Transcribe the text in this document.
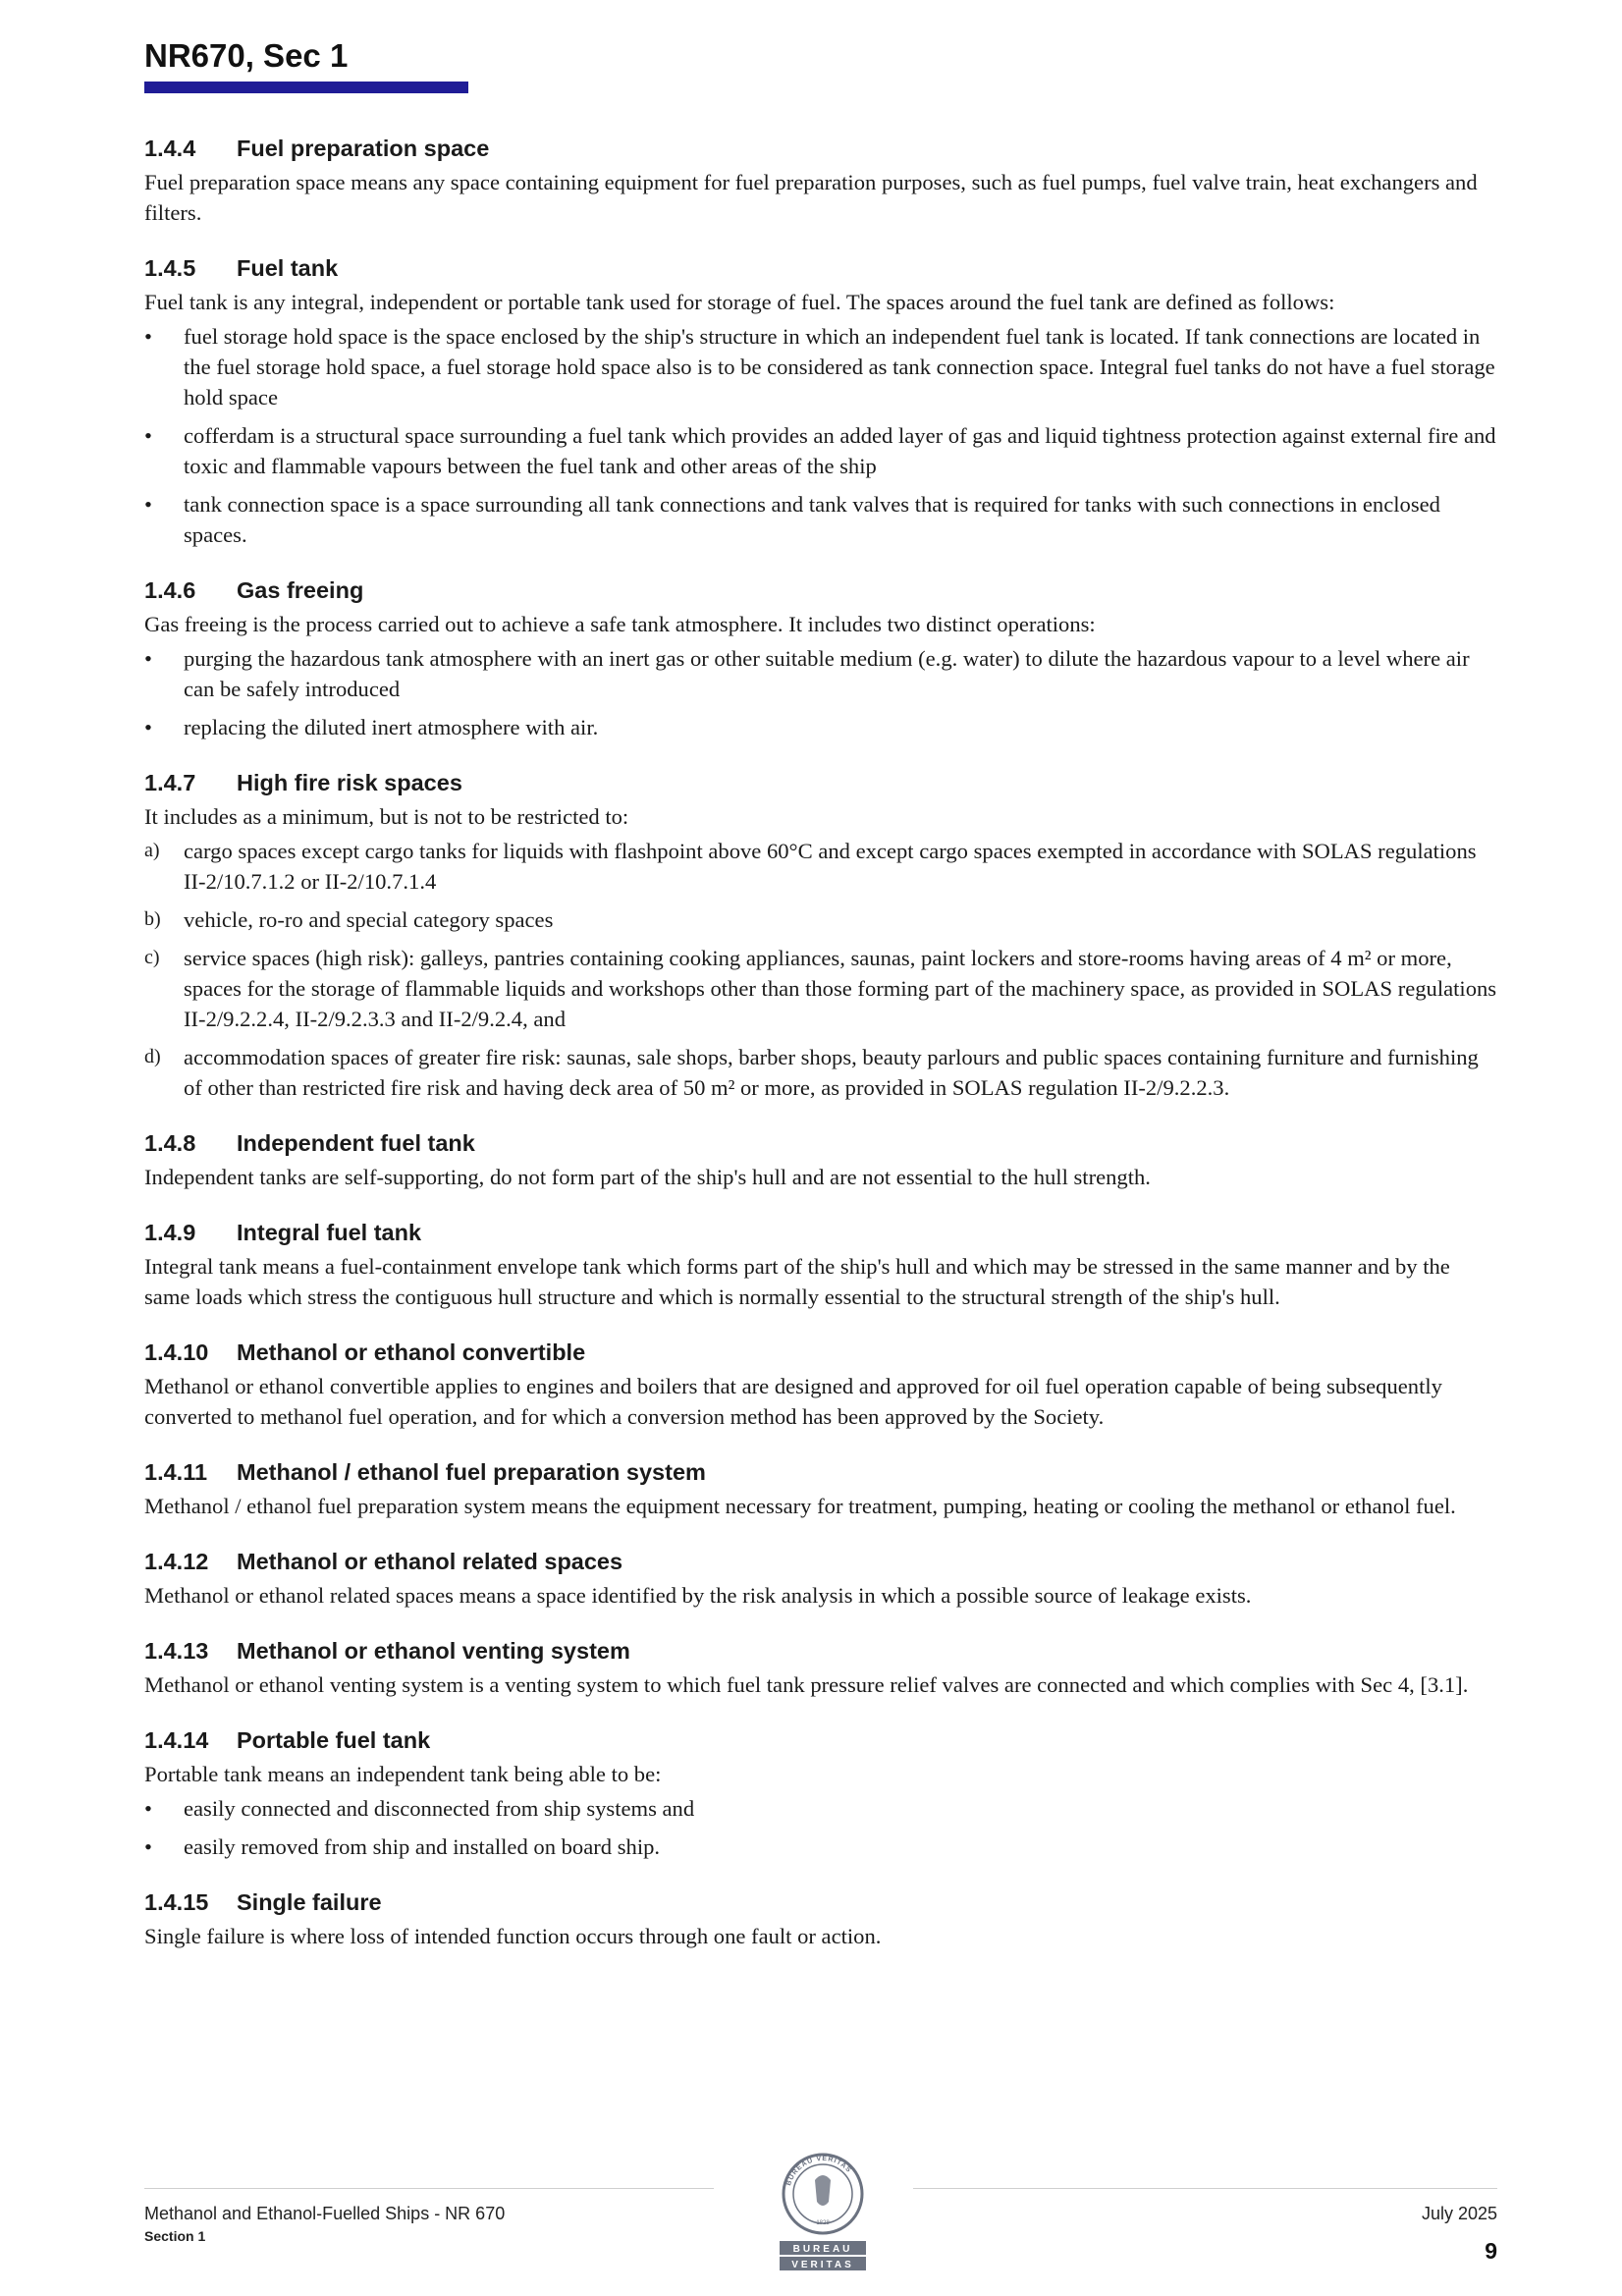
NR670, Sec 1
1.4.4 Fuel preparation space

Fuel preparation space means any space containing equipment for fuel preparation purposes, such as fuel pumps, fuel valve train, heat exchangers and filters.

1.4.5 Fuel tank

Fuel tank is any integral, independent or portable tank used for storage of fuel. The spaces around the fuel tank are defined as follows:

• fuel storage hold space is the space enclosed by the ship's structure in which an independent fuel tank is located. If tank connections are located in the fuel storage hold space, a fuel storage hold space also is to be considered as tank connection space. Integral fuel tanks do not have a fuel storage hold space
• cofferdam is a structural space surrounding a fuel tank which provides an added layer of gas and liquid tightness protection against external fire and toxic and flammable vapours between the fuel tank and other areas of the ship
• tank connection space is a space surrounding all tank connections and tank valves that is required for tanks with such connections in enclosed spaces.
1.4.6 Gas freeing

Gas freeing is the process carried out to achieve a safe tank atmosphere. It includes two distinct operations:

• purging the hazardous tank atmosphere with an inert gas or other suitable medium (e.g. water) to dilute the hazardous vapour to a level where air can be safely introduced
• replacing the diluted inert atmosphere with air.
1.4.7 High fire risk spaces

It includes as a minimum, but is not to be restricted to:

a) cargo spaces except cargo tanks for liquids with flashpoint above 60°C and except cargo spaces exempted in accordance with SOLAS regulations II-2/10.7.1.2 or II-2/10.7.1.4
b) vehicle, ro-ro and special category spaces
c) service spaces (high risk): galleys, pantries containing cooking appliances, saunas, paint lockers and store-rooms having areas of 4 m² or more, spaces for the storage of flammable liquids and workshops other than those forming part of the machinery space, as provided in SOLAS regulations II-2/9.2.2.4, II-2/9.2.3.3 and II-2/9.2.4, and
d) accommodation spaces of greater fire risk: saunas, sale shops, barber shops, beauty parlours and public spaces containing furniture and furnishing of other than restricted fire risk and having deck area of 50 m² or more, as provided in SOLAS regulation II-2/9.2.2.3.
1.4.8 Independent fuel tank

Independent tanks are self-supporting, do not form part of the ship's hull and are not essential to the hull strength.

1.4.9 Integral fuel tank

Integral tank means a fuel-containment envelope tank which forms part of the ship's hull and which may be stressed in the same manner and by the same loads which stress the contiguous hull structure and which is normally essential to the structural strength of the ship's hull.

1.4.10 Methanol or ethanol convertible

Methanol or ethanol convertible applies to engines and boilers that are designed and approved for oil fuel operation capable of being subsequently converted to methanol fuel operation, and for which a conversion method has been approved by the Society.

1.4.11 Methanol / ethanol fuel preparation system

Methanol / ethanol fuel preparation system means the equipment necessary for treatment, pumping, heating or cooling the methanol or ethanol fuel.

1.4.12 Methanol or ethanol related spaces

Methanol or ethanol related spaces means a space identified by the risk analysis in which a possible source of leakage exists.

1.4.13 Methanol or ethanol venting system

Methanol or ethanol venting system is a venting system to which fuel tank pressure relief valves are connected and which complies with Sec 4, [3.1].

1.4.14 Portable fuel tank

Portable tank means an independent tank being able to be:

• easily connected and disconnected from ship systems and
• easily removed from ship and installed on board ship.
1.4.15 Single failure

Single failure is where loss of intended function occurs through one fault or action.

Methanol and Ethanol-Fuelled Ships - NR 670
Section 1
BUREAU VERITAS
1828
BUREAU
VERITAS
July 2025
9
